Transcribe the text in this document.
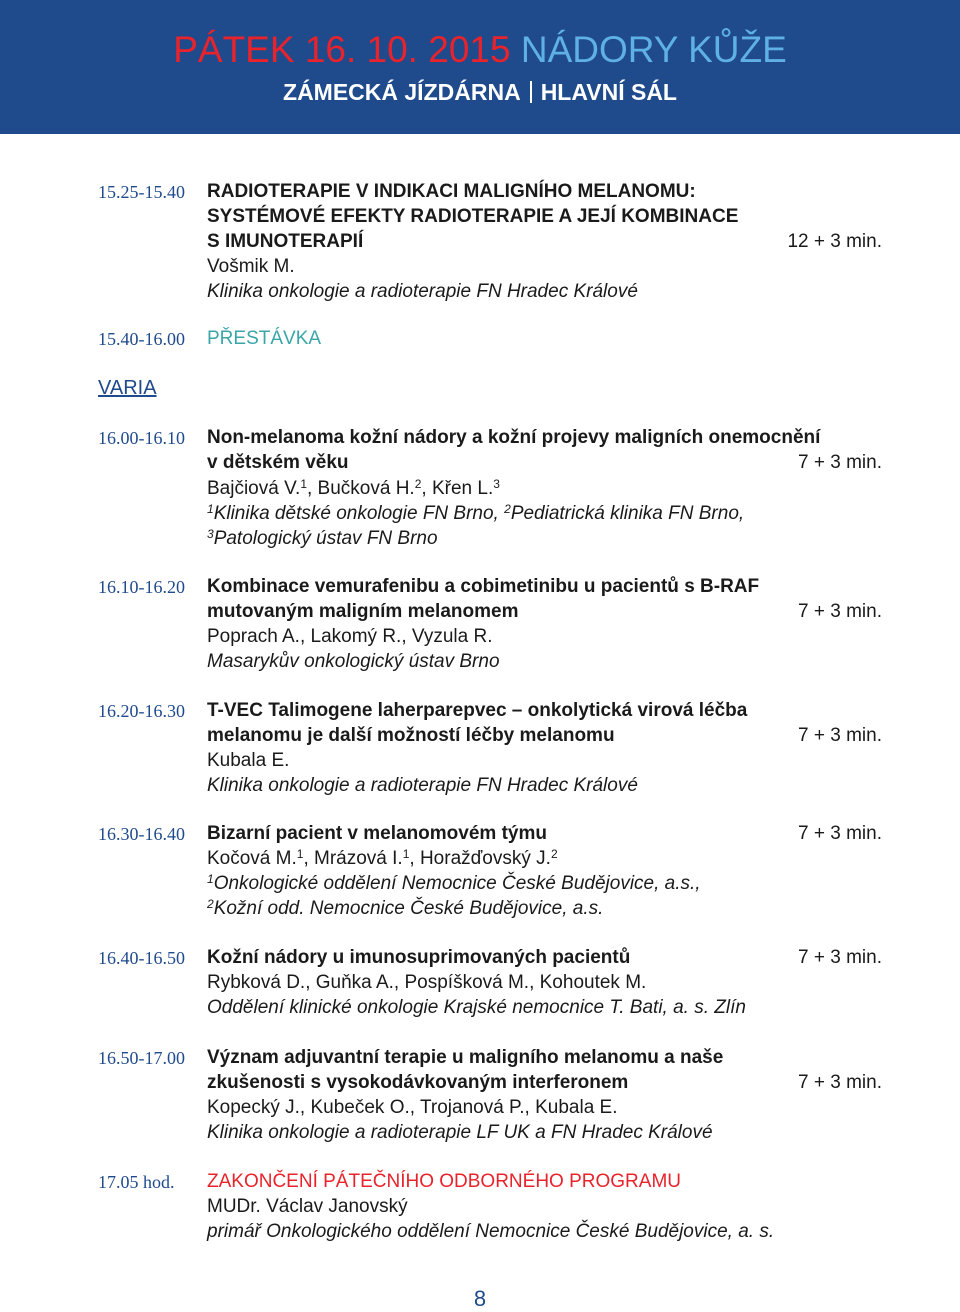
PÁTEK 16. 10. 2015 NÁDORY KŮŽE
ZÁMECKÁ JÍZDÁRNA HLAVNÍ SÁL
15.25-15.40 RADIOTERAPIE V INDIKACI MALIGNÍHO MELANOMU:
SYSTÉMOVÉ EFEKTY RADIOTERAPIE A JEJÍ KOMBINACE
S IMUNOTERAPIÍ	12 + 3 min.
Vošmik M.
Klinika onkologie a radioterapie FN Hradec Králové
15.40-16.00 PŘESTÁVKA
VARIA
16.00-16.10 Non-melanoma kožní nádory a kožní projevy maligních onemocnění
v dětském věku	7 + 3 min.
Bajčiová V.$^1$, Bučková H.$^2$, Křen L.$^3$
$^1$Klinika dětské onkologie FN Brno, $^2$Pediatrická klinika FN Brno,
$^3$Patologický ústav FN Brno
16.10-16.20 Kombinace vemurafenibu a cobimetinibu u pacientů s B-RAF
mutovaným maligním melanomem	7 + 3 min.
Poprach A., Lakomý R., Vyzula R.
Masarykův onkologický ústav Brno
16.20-16.30 T-VEC Talimogene laherparepvec – onkolytická virová léčba
melanomu je další možností léčby melanomu	7 + 3 min.
Kubala E.
Klinika onkologie a radioterapie FN Hradec Králové
16.30-16.40 Bizarní pacient v melanomovém týmu	7 + 3 min.
Kočová M.$^1$, Mrázová I.$^1$, Horažďovský J.$^2$
$^1$Onkologické oddělení Nemocnice České Budějovice, a.s.,
$^2$Kožní odd. Nemocnice České Budějovice, a.s.
16.40-16.50 Kožní nádory u imunosuprimovaných pacientů	7 + 3 min.
Rybková D., Guňka A., Pospíšková M., Kohoutek M.
Oddělení klinické onkologie Krajské nemocnice T. Bati, a. s. Zlín
16.50-17.00 Význam adjuvantní terapie u maligního melanomu a naše
zkušenosti s vysokodávkovaným interferonem	7 + 3 min.
Kopecký J., Kubeček O., Trojanová P., Kubala E.
Klinika onkologie a radioterapie LF UK a FN Hradec Králové
17.05 hod. ZAKONČENÍ PÁTEČNÍHO ODBORNÉHO PROGRAMU
MUDr. Václav Janovský
primář Onkologického oddělení Nemocnice České Budějovice, a. s.
8
